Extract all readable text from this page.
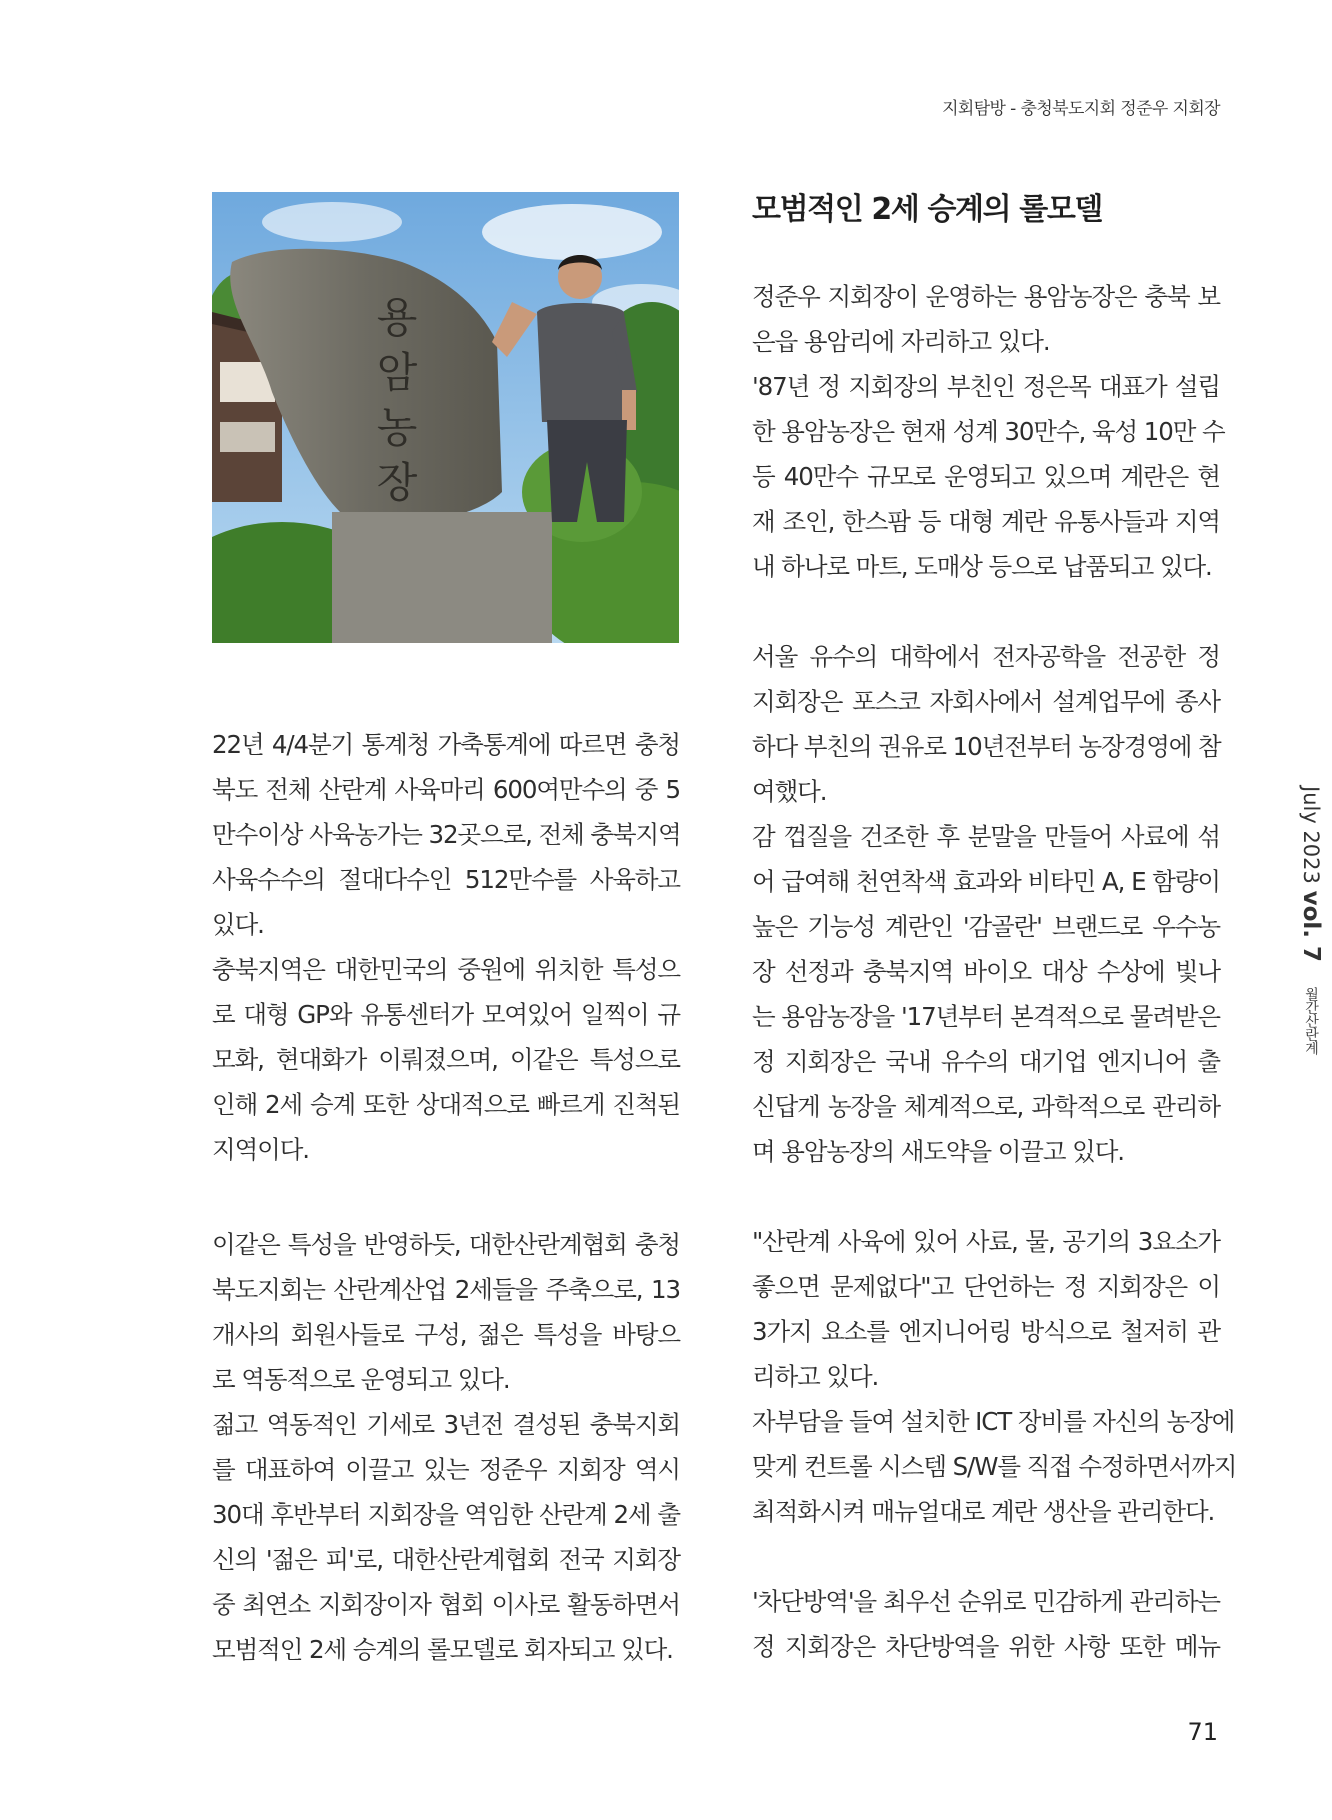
지회탐방 - 충청북도지회 정준우 지회장
용
암
농
장
모범적인 2세 승계의 롤모델
22년 4/4분기 통계청 가축통계에 따르면 충청
북도 전체 산란계 사육마리 600여만수의 중 5
만수이상 사육농가는 32곳으로, 전체 충북지역
사육수수의 절대다수인 512만수를 사육하고
있다.
충북지역은 대한민국의 중원에 위치한 특성으
로 대형 GP와 유통센터가 모여있어 일찍이 규
모화, 현대화가 이뤄졌으며, 이같은 특성으로
인해 2세 승계 또한 상대적으로 빠르게 진척된
지역이다.
이같은 특성을 반영하듯, 대한산란계협회 충청
북도지회는 산란계산업 2세들을 주축으로, 13
개사의 회원사들로 구성, 젊은 특성을 바탕으
로 역동적으로 운영되고 있다.
젊고 역동적인 기세로 3년전 결성된 충북지회
를 대표하여 이끌고 있는 정준우 지회장 역시
30대 후반부터 지회장을 역임한 산란계 2세 출
신의 '젊은 피'로, 대한산란계협회 전국 지회장
중 최연소 지회장이자 협회 이사로 활동하면서
모범적인 2세 승계의 롤모델로 회자되고 있다.
정준우 지회장이 운영하는 용암농장은 충북 보
은읍 용암리에 자리하고 있다.
'87년 정 지회장의 부친인 정은목 대표가 설립
한 용암농장은 현재 성계 30만수, 육성 10만 수
등 40만수 규모로 운영되고 있으며 계란은 현
재 조인, 한스팜 등 대형 계란 유통사들과 지역
내 하나로 마트, 도매상 등으로 납품되고 있다.
서울 유수의 대학에서 전자공학을 전공한 정
지회장은 포스코 자회사에서 설계업무에 종사
하다 부친의 권유로 10년전부터 농장경영에 참
여했다.
감 껍질을 건조한 후 분말을 만들어 사료에 섞
어 급여해 천연착색 효과와 비타민 A, E 함량이
높은 기능성 계란인 '감골란' 브랜드로 우수농
장 선정과 충북지역 바이오 대상 수상에 빛나
는 용암농장을 '17년부터 본격적으로 물려받은
정 지회장은 국내 유수의 대기업 엔지니어 출
신답게 농장을 체계적으로, 과학적으로 관리하
며 용암농장의 새도약을 이끌고 있다.
"산란계 사육에 있어 사료, 물, 공기의 3요소가
좋으면 문제없다"고 단언하는 정 지회장은 이
3가지 요소를 엔지니어링 방식으로 철저히 관
리하고 있다.
자부담을 들여 설치한 ICT 장비를 자신의 농장에
맞게 컨트롤 시스템 S/W를 직접 수정하면서까지
최적화시켜 매뉴얼대로 계란 생산을 관리한다.
'차단방역'을 최우선 순위로 민감하게 관리하는
정 지회장은 차단방역을 위한 사항 또한 메뉴
July 2023 vol. 7 월간산란계
71
